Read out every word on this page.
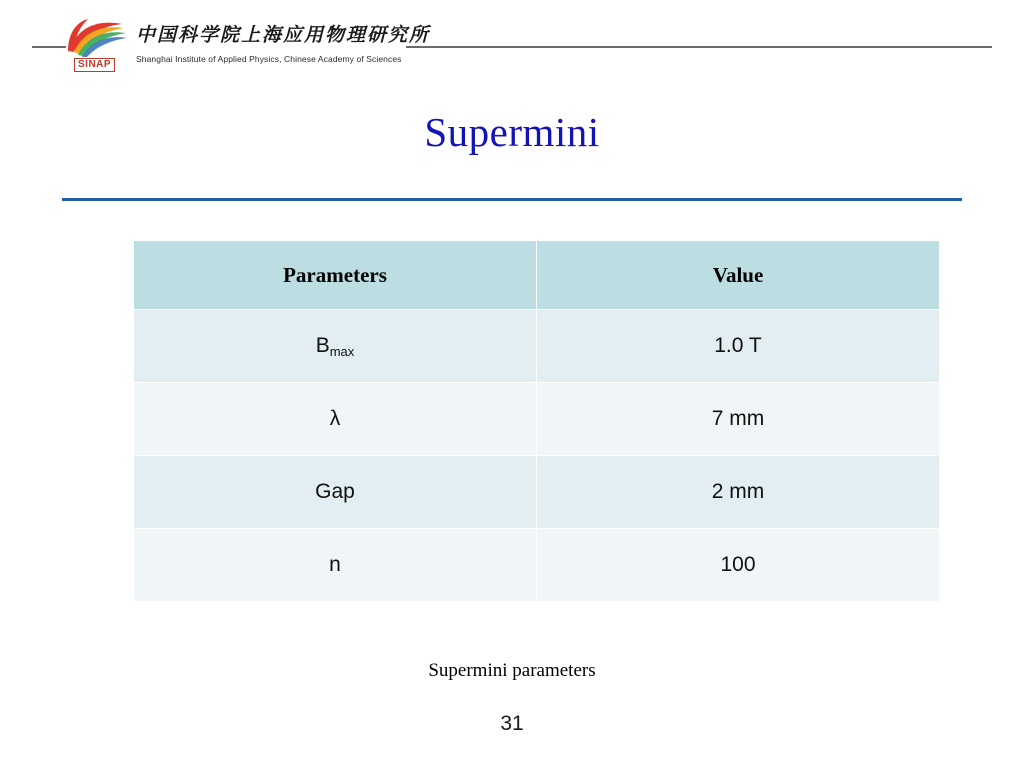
SINAP
中国科学院上海应用物理研究所
Shanghai Institute of Applied Physics, Chinese Academy of Sciences
Supermini
Parameters	Value
$B_{max}$	1.0 T
λ	7 mm
Gap	2 mm
n	100
Supermini parameters
31
